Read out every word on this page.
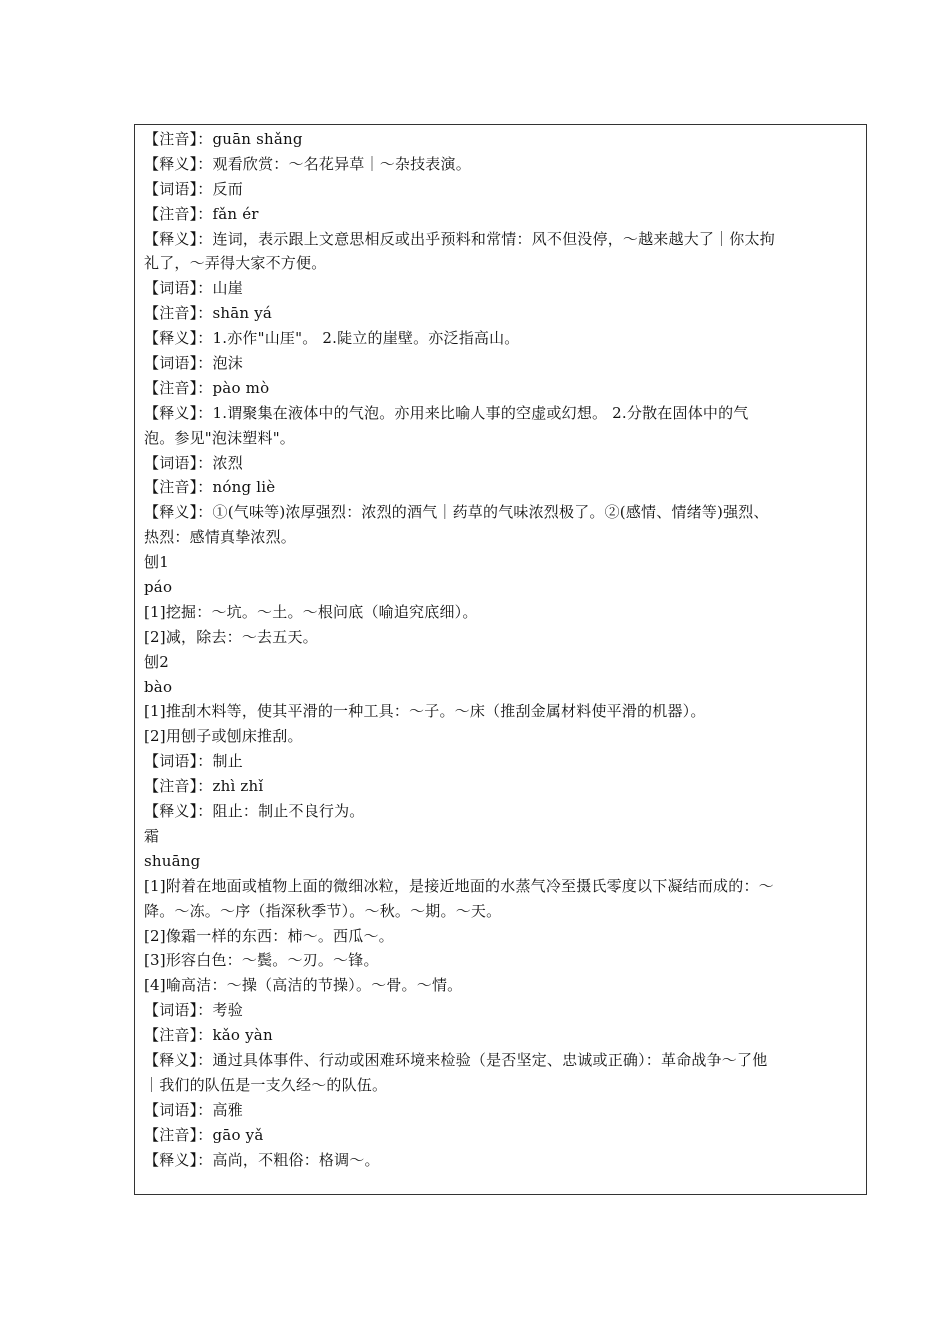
【注音】：guān shǎng
【释义】：观看欣赏：～名花异草｜～杂技表演。
【词语】：反而
【注音】：fǎn ér
【释义】：连词，表示跟上文意思相反或出乎预料和常情：风不但没停，～越来越大了｜你太拘
礼了，～弄得大家不方便。
【词语】：山崖
【注音】：shān yá
【释义】：1.亦作"山厓"。 2.陡立的崖壁。亦泛指高山。
【词语】：泡沫
【注音】：pào mò
【释义】：1.谓聚集在液体中的气泡。亦用来比喻人事的空虚或幻想。 2.分散在固体中的气
泡。参见"泡沫塑料"。
【词语】：浓烈
【注音】：nóng liè
【释义】：①(气味等)浓厚强烈：浓烈的酒气｜药草的气味浓烈极了。②(感情、情绪等)强烈、
热烈：感情真挚浓烈。
刨1
páo
[1]挖掘：～坑。～土。～根问底（喻追究底细）。
[2]减，除去：～去五天。
刨2
bào
[1]推刮木料等，使其平滑的一种工具：～子。～床（推刮金属材料使平滑的机器）。
[2]用刨子或刨床推刮。
【词语】：制止
【注音】：zhì zhǐ
【释义】：阻止：制止不良行为。
霜
shuāng
[1]附着在地面或植物上面的微细冰粒，是接近地面的水蒸气冷至摄氏零度以下凝结而成的：～
降。～冻。～序（指深秋季节）。～秋。～期。～天。
[2]像霜一样的东西：柿～。西瓜～。
[3]形容白色：～鬓。～刃。～锋。
[4]喻高洁：～操（高洁的节操）。～骨。～情。
【词语】：考验
【注音】：kǎo yàn
【释义】：通过具体事件、行动或困难环境来检验（是否坚定、忠诚或正确）：革命战争～了他
｜我们的队伍是一支久经～的队伍。
【词语】：高雅
【注音】：gāo yǎ
【释义】：高尚，不粗俗：格调～。
